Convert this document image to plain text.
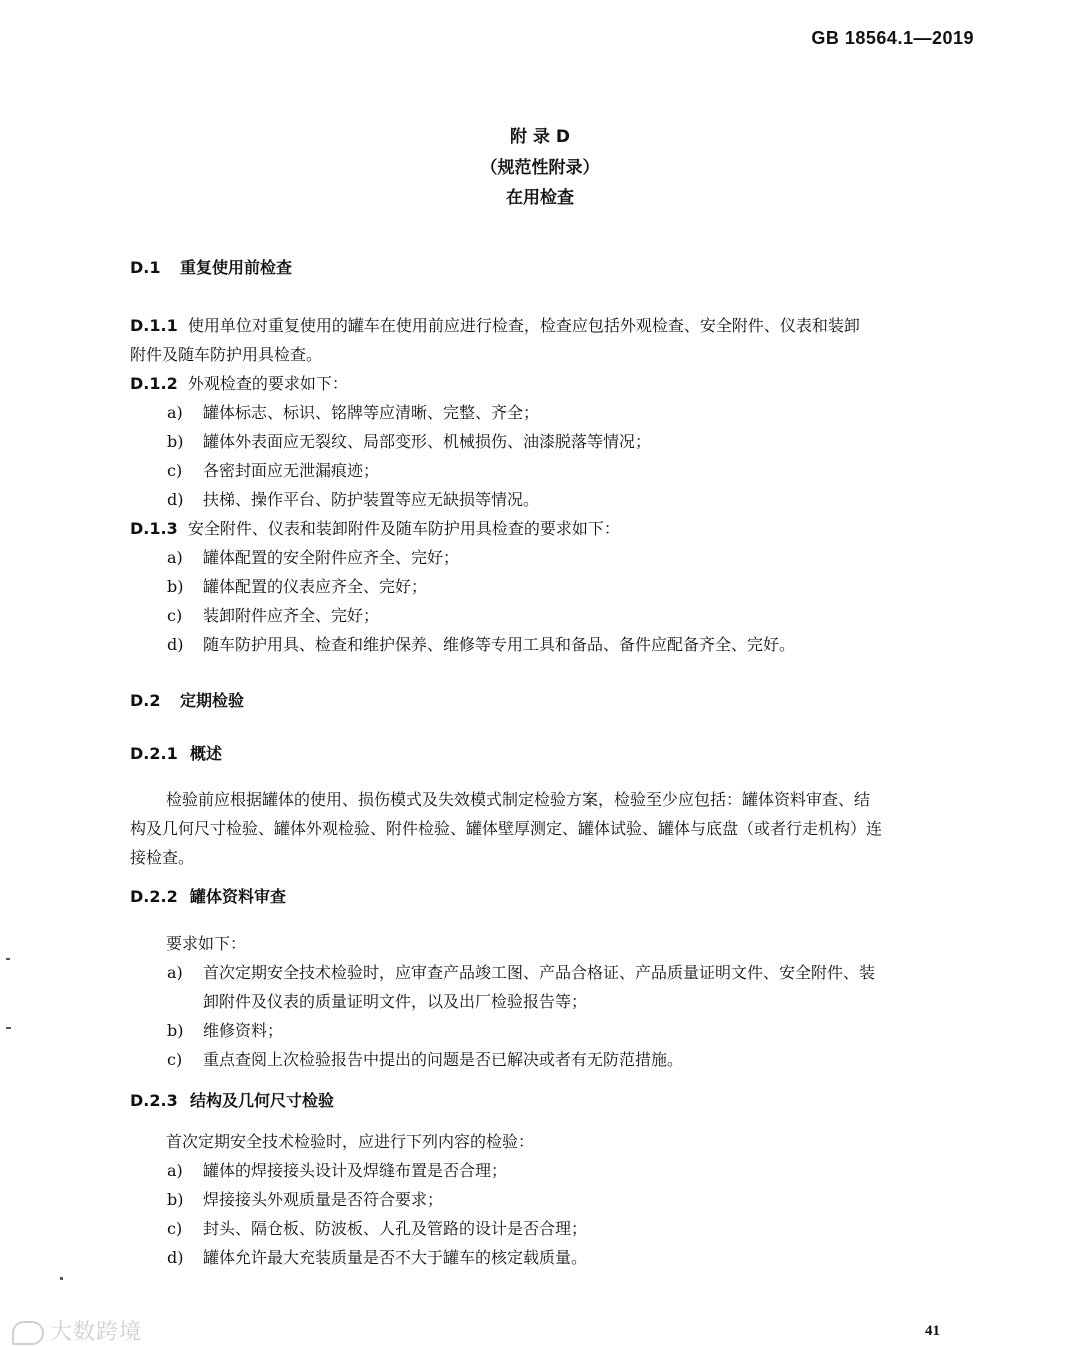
GB 18564.1—2019
附 录 D
（规范性附录）
在用检查
D.1 重复使用前检查
D.1.1 使用单位对重复使用的罐车在使用前应进行检查，检查应包括外观检查、安全附件、仪表和装卸
附件及随车防护用具检查。
D.1.2 外观检查的要求如下：
a) 罐体标志、标识、铭牌等应清晰、完整、齐全；
b) 罐体外表面应无裂纹、局部变形、机械损伤、油漆脱落等情况；
c) 各密封面应无泄漏痕迹；
d) 扶梯、操作平台、防护装置等应无缺损等情况。
D.1.3 安全附件、仪表和装卸附件及随车防护用具检查的要求如下：
a) 罐体配置的安全附件应齐全、完好；
b) 罐体配置的仪表应齐全、完好；
c) 装卸附件应齐全、完好；
d) 随车防护用具、检查和维护保养、维修等专用工具和备品、备件应配备齐全、完好。
D.2 定期检验
D.2.1 概述
检验前应根据罐体的使用、损伤模式及失效模式制定检验方案，检验至少应包括：罐体资料审查、结
构及几何尺寸检验、罐体外观检验、附件检验、罐体壁厚测定、罐体试验、罐体与底盘（或者行走机构）连
接检查。
D.2.2 罐体资料审查
要求如下：
a) 首次定期安全技术检验时，应审查产品竣工图、产品合格证、产品质量证明文件、安全附件、装
卸附件及仪表的质量证明文件，以及出厂检验报告等；
b) 维修资料；
c) 重点查阅上次检验报告中提出的问题是否已解决或者有无防范措施。
D.2.3 结构及几何尺寸检验
首次定期安全技术检验时，应进行下列内容的检验：
a) 罐体的焊接接头设计及焊缝布置是否合理；
b) 焊接接头外观质量是否符合要求；
c) 封头、隔仓板、防波板、人孔及管路的设计是否合理；
d) 罐体允许最大充装质量是否不大于罐车的核定载质量。
大数跨境	41
